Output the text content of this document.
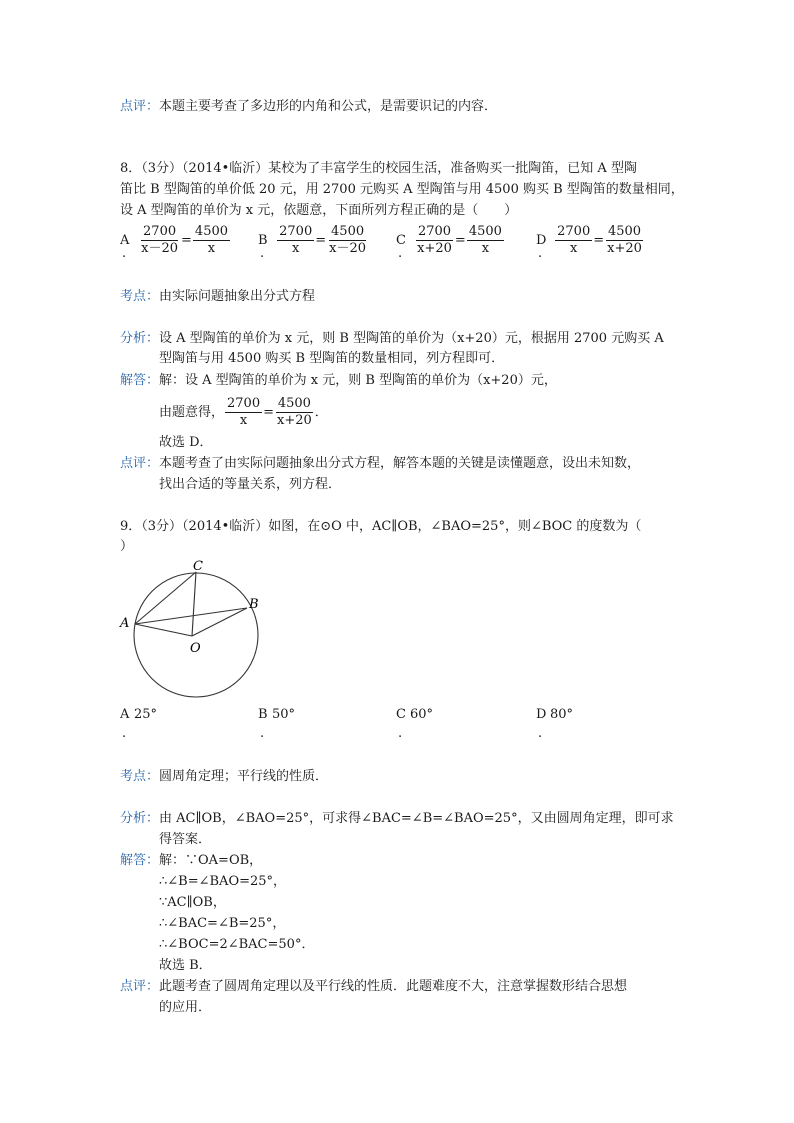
点评：本题主要考查了多边形的内角和公式，是需要识记的内容．
8．（3分）（2014•临沂）某校为了丰富学生的校园生活，准备购买一批陶笛，已知 A 型陶
笛比 B 型陶笛的单价低 20 元，用 2700 元购买 A 型陶笛与用 4500 购买 B 型陶笛的数量相同，
设 A 型陶笛的单价为 x 元，依题意，下面所列方程正确的是（　　）
A $\frac{2700}{x-20} = \frac{4500}{x}$
.
B $\frac{2700}{x} = \frac{4500}{x-20}$
.
C $\frac{2700}{x+20} = \frac{4500}{x}$
.
D $\frac{2700}{x} = \frac{4500}{x+20}$
.
考点：由实际问题抽象出分式方程
分析：设 A 型陶笛的单价为 x 元，则 B 型陶笛的单价为（x+20）元，根据用 2700 元购买 A
型陶笛与用 4500 购买 B 型陶笛的数量相同，列方程即可．
解答：解：设 A 型陶笛的单价为 x 元，则 B 型陶笛的单价为（x+20）元，
由题意得， $\frac{2700}{x} = \frac{4500}{x+20}$ ．
故选 D．
点评：本题考查了由实际问题抽象出分式方程，解答本题的关键是读懂题意，设出未知数，
找出合适的等量关系，列方程．
9．（3分）（2014•临沂）如图，在⊙O 中，AC∥OB，∠BAO=25°，则∠BOC 的度数为（
）
C
B
A
O
A 25°
.
B 50°
.
C 60°
.
D 80°
.
考点：圆周角定理；平行线的性质．
分析：由 AC∥OB，∠BAO=25°，可求得∠BAC=∠B=∠BAO=25°，又由圆周角定理，即可求
得答案．
解答：解：∵OA=OB，
∴∠B=∠BAO=25°，
∵AC∥OB，
∴∠BAC=∠B=25°，
∴∠BOC=2∠BAC=50°．
故选 B．
点评：此题考查了圆周角定理以及平行线的性质．此题难度不大，注意掌握数形结合思想
的应用．
